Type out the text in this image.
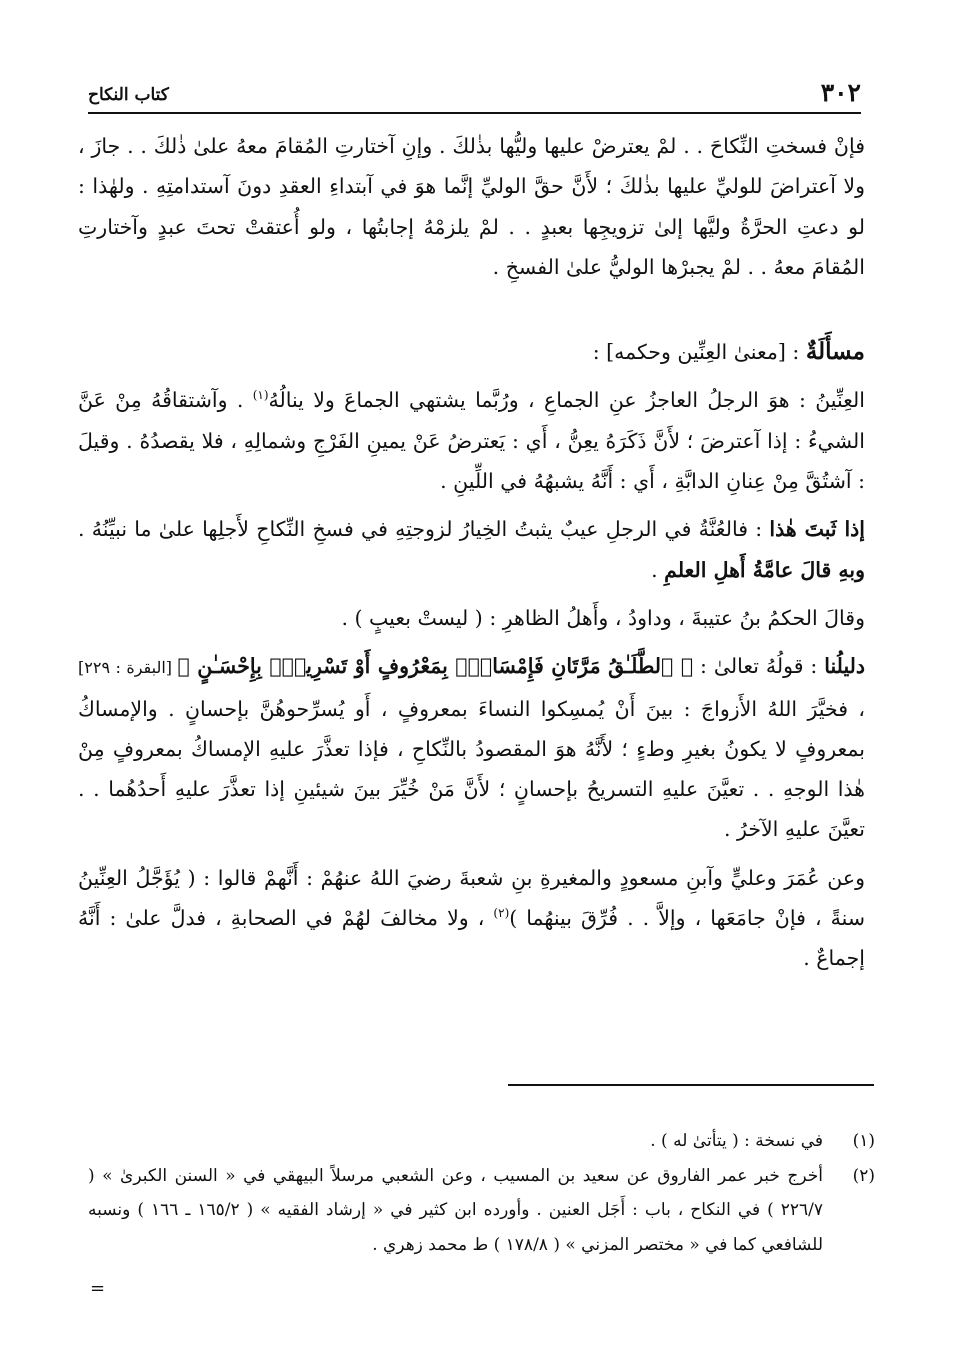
٣٠٢
كتاب النكاح

فإنْ فسختِ النِّكاحَ . . لمْ يعترضْ عليها وليُّها بذٰلكَ . وإنِ آختارتِ المُقامَ معهُ علىٰ ذٰلكَ . . جازَ ، ولا آعتراضَ للوليِّ عليها بذٰلكَ ؛ لأَنَّ حقَّ الوليِّ إنَّما هوَ في آبتداءِ العقدِ دونَ آستدامتِهِ . ولهٰذا : لو دعتِ الحرَّةُ وليَّها إلىٰ تزويجِها بعبدٍ . . لمْ يلزمْهُ إجابتُها ، ولو أُعتقتْ تحتَ عبدٍ وآختارتِ المُقامَ معهُ . . لمْ يجبرْها الوليُّ علىٰ الفسخِ .

مسأَلَةٌ : [معنىٰ العِنِّين وحكمه] :

العِنِّينُ : هوَ الرجلُ العاجزُ عنِ الجماعِ ، ورُبَّما يشتهي الجماعَ ولا ينالُهُ$^{(١)}$ . وآشتقاقُهُ مِنْ عَنَّ الشيءُ : إذا آعترضَ ؛ لأَنَّ ذَكَرَهُ يعِنُّ ، أَي : يَعترضُ عَنْ يمينِ الفَرْجِ وشمالِهِ ، فلا يقصدُهُ . وقيلَ : آشتُقَّ مِنْ عِنانِ الدابَّةِ ، أَي : أَنَّهُ يشبهُهُ في اللِّينِ .

إذا ثَبتَ هٰذا : فالعُنَّةُ في الرجلِ عيبٌ يثبتُ الخِيارُ لزوجتِهِ في فسخِ النِّكاحِ لأَجلِها علىٰ ما نبيِّنُهُ . وبهِ قالَ عامَّةُ أَهلِ العلمِ .

وقالَ الحكمُ بنُ عتيبةَ ، وداودُ ، وأَهلُ الظاهرِ : ( ليستْ بعيبٍ ) .

دليلُنا : قولُهُ تعالىٰ : ﴿ ٱلطَّلَـٰقُ مَرَّتَانِ فَإِمْسَاكٌۢ بِمَعْرُوفٍ أَوْ تَسْرِيحٌۢ بِإِحْسَـٰنٍ ﴾ [البقرة : ٢٢٩] ، فخيَّرَ اللهُ الأَزواجَ : بينَ أَنْ يُمسِكوا النساءَ بمعروفٍ ، أَو يُسرِّحوهُنَّ بإحسانٍ . والإمساكُ بمعروفٍ لا يكونُ بغيرِ وطءٍ ؛ لأَنَّهُ هوَ المقصودُ بالنِّكاحِ ، فإذا تعذَّرَ عليهِ الإمساكُ بمعروفٍ مِنْ هٰذا الوجهِ . . تعيَّنَ عليهِ التسريحُ بإحسانٍ ؛ لأَنَّ مَنْ خُيِّرَ بينَ شيئينِ إذا تعذَّرَ عليهِ أَحدُهُما . . تعيَّنَ عليهِ الآخرُ .

وعن عُمَرَ وعليٍّ وآبنِ مسعودٍ والمغيرةِ بنِ شعبةَ رضيَ اللهُ عنهُمْ : أَنَّهمْ قالوا : ( يُؤَجَّلُ العِنِّينُ سنةً ، فإنْ جامَعَها ، وإلاَّ . . فُرِّقَ بينهُما )$^{(٢)}$ ، ولا مخالفَ لهُمْ في الصحابةِ ، فدلَّ علىٰ : أَنَّهُ إجماعٌ .

(١)
في نسخة : ( يتأتىٰ له ) .
(٢)
أخرج خبر عمر الفاروق عن سعيد بن المسيب ، وعن الشعبي مرسلاً البيهقي في « السنن الكبرىٰ » ( ٢٢٦/٧ ) في النكاح ، باب : أَجَل العنين . وأورده ابن كثير في « إرشاد الفقيه » ( ١٦٥/٢ ـ ١٦٦ ) ونسبه للشافعي كما في « مختصر المزني » ( ١٧٨/٨ ) ط محمد زهري .
=
